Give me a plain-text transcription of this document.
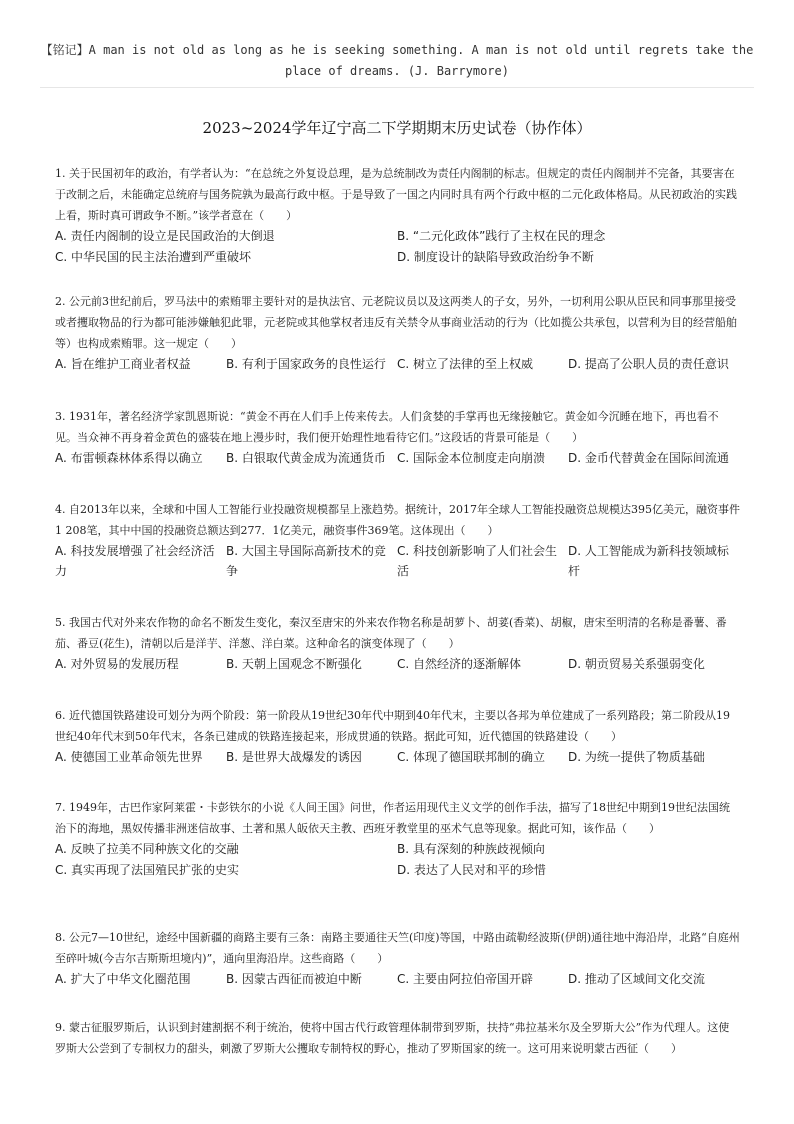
【铭记】A man is not old as long as he is seeking something. A man is not old until regrets take the place of dreams. (J. Barrymore)
2023~2024学年辽宁高二下学期期末历史试卷（协作体）
1. 关于民国初年的政治，有学者认为：“在总统之外复设总理，是为总统制改为责任内阁制的标志。但规定的责任内阁制并不完备，其要害在于改制之后，未能确定总统府与国务院孰为最高行政中枢。于是导致了一国之内同时具有两个行政中枢的二元化政体格局。从民初政治的实践上看，斯时真可谓政争不断。”该学者意在（　　）
A. 责任内阁制的设立是民国政治的大倒退	B. “二元化政体”践行了主权在民的理念
C. 中华民国的民主法治遭到严重破坏	D. 制度设计的缺陷导致政治纷争不断
2. 公元前3世纪前后，罗马法中的索贿罪主要针对的是执法官、元老院议员以及这两类人的子女，另外，一切利用公职从臣民和同事那里接受或者攫取物品的行为都可能涉嫌触犯此罪，元老院或其他掌权者违反有关禁令从事商业活动的行为（比如揽公共承包，以营利为目的经营船舶等）也构成索贿罪。这一规定（　　）
A. 旨在维护工商业者权益	B. 有利于国家政务的良性运行 C. 树立了法律的至上权威	D. 提高了公职人员的责任意识
3. 1931年，著名经济学家凯恩斯说：“黄金不再在人们手上传来传去。人们贪婪的手掌再也无缘接触它。黄金如今沉睡在地下，再也看不见。当众神不再身着金黄色的盛装在地上漫步时，我们便开始理性地看待它们。”这段话的背景可能是（　　）
A. 布雷顿森林体系得以确立 B. 白银取代黄金成为流通货币 C. 国际金本位制度走向崩溃 D. 金币代替黄金在国际间流通
4. 自2013年以来，全球和中国人工智能行业投融资规模都呈上涨趋势。据统计，2017年全球人工智能投融资总规模达395亿美元，融资事件1 208笔，其中中国的投融资总额达到277．1亿美元，融资事件369笔。这体现出（　　）
A. 科技发展增强了社会经济活力
B. 大国主导国际高新技术的竞争
C. 科技创新影响了人们社会生活
D. 人工智能成为新科技领域标杆
5. 我国古代对外来农作物的命名不断发生变化，秦汉至唐宋的外来农作物名称是胡萝卜、胡荽(香菜)、胡椒，唐宋至明清的名称是番薯、番茄、番豆(花生)，清朝以后是洋芋、洋葱、洋白菜。这种命名的演变体现了（　　）
A. 对外贸易的发展历程	B. 天朝上国观念不断强化	C. 自然经济的逐渐解体	D. 朝贡贸易关系强弱变化
6. 近代德国铁路建设可划分为两个阶段：第一阶段从19世纪30年代中期到40年代末，主要以各邦为单位建成了一系列路段；第二阶段从19世纪40年代末到50年代末，各条已建成的铁路连接起来，形成贯通的铁路。据此可知，近代德国的铁路建设（　　）
A. 使德国工业革命领先世界 B. 是世界大战爆发的诱因	C. 体现了德国联邦制的确立 D. 为统一提供了物质基础
7. 1949年，古巴作家阿莱霍・卡彭铁尔的小说《人间王国》问世，作者运用现代主义文学的创作手法，描写了18世纪中期到19世纪法国统治下的海地，黑奴传播非洲迷信故事、土著和黑人皈依天主教、西班牙教堂里的巫术气息等现象。据此可知，该作品（　　）
A. 反映了拉美不同种族文化的交融	B. 具有深刻的种族歧视倾向
C. 真实再现了法国殖民扩张的史实	D. 表达了人民对和平的珍惜
8. 公元7—10世纪，途经中国新疆的商路主要有三条：南路主要通往天竺(印度)等国，中路由疏勒经波斯(伊朗)通往地中海沿岸，北路“自庭州至碎叶城(今吉尔吉斯斯坦境内)”，通向里海沿岸。这些商路（　　）
A. 扩大了中华文化圈范围	B. 因蒙古西征而被迫中断	C. 主要由阿拉伯帝国开辟	D. 推动了区域间文化交流
9. 蒙古征服罗斯后，认识到封建割据不利于统治，使将中国古代行政管理体制带到罗斯，扶持“弗拉基米尔及全罗斯大公”作为代理人。这使罗斯大公尝到了专制权力的甜头，刺激了罗斯大公攫取专制特权的野心，推动了罗斯国家的统一。这可用来说明蒙古西征（　　）
